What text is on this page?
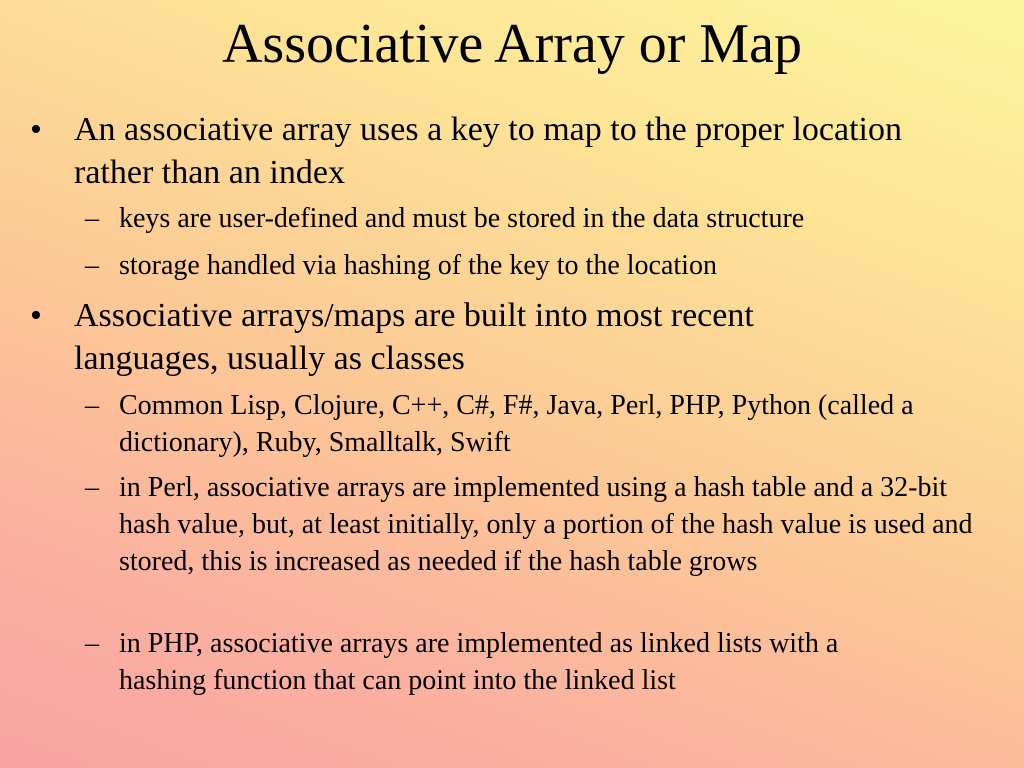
Associative Array or Map

• An associative array uses a key to map to the proper location rather than an index

– keys are user-defined and must be stored in the data structure

– storage handled via hashing of the key to the location

• Associative arrays/maps are built into most recent languages, usually as classes

– Common Lisp, Clojure, C++, C#, F#, Java, Perl, PHP, Python (called a dictionary), Ruby, Smalltalk, Swift

– in Perl, associative arrays are implemented using a hash table and a 32-bit hash value, but, at least initially, only a portion of the hash value is used and stored, this is increased as needed if the hash table grows

– in PHP, associative arrays are implemented as linked lists with a hashing function that can point into the linked list
